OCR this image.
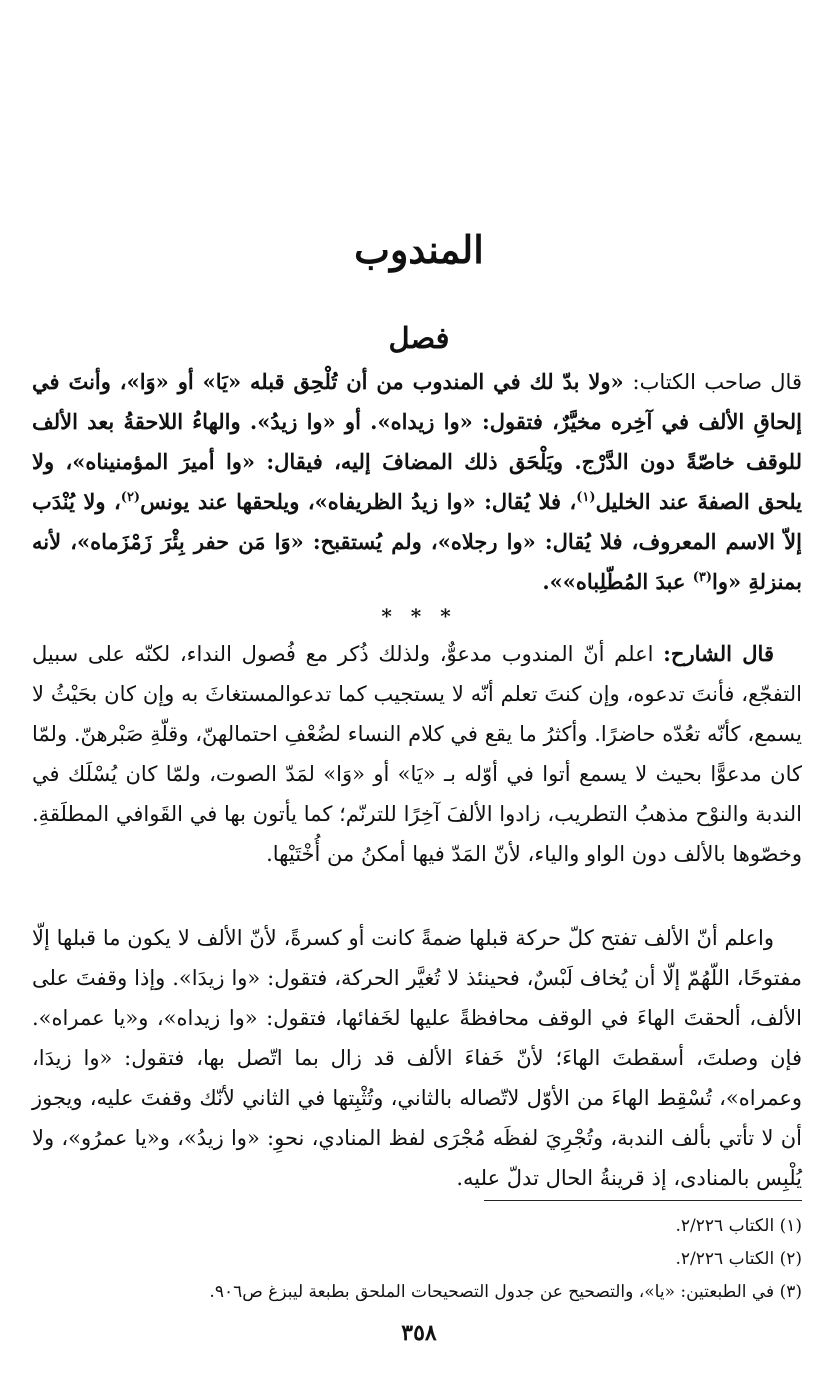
المندوب
فصل

قال صاحب الكتاب: «ولا بدّ لك في المندوب من أن تُلْحِق قبله «يَا» أو «وَا»، وأنتَ في إلحاقِ الألف في آخِره مخيَّرٌ، فتقول: «وا زيداه». أو «وا زيدُ». والهاءُ اللاحقةُ بعد الألف للوقف خاصّةً دون الدَّرْج. ويَلْحَق ذلك المضافَ إليه، فيقال: «وا أميرَ المؤمنيناه»، ولا يلحق الصفةَ عند الخليل$^{(١)}$، فلا يُقال: «وا زيدُ الظريفاه»، ويلحقها عند يونس$^{(٢)}$، ولا يُنْدَب إلاّ الاسم المعروف، فلا يُقال: «وا رجلاه»، ولم يُستقبح: «وَا مَن حفر بِئْرَ زَمْزَماه»، لأنه بمنزلةِ «وا$^{(٣)}$ عبدَ المُطّلِباه»».

* * *

قال الشارح: اعلم أنّ المندوب مدعوٌّ، ولذلك ذُكر مع فُصول النداء، لكنّه على سبيل التفجّع، فأنتَ تدعوه، وإن كنتَ تعلم أنّه لا يستجيب كما تدعوالمستغاثَ به وإن كان بحَيْثُ لا يسمع، كأنّه تعُدّه حاضرًا. وأكثرُ ما يقع في كلام النساء لضُعْفِ احتمالهنّ، وقلّةِ صَبْرهنّ. ولمّا كان مدعوًّا بحيث لا يسمع أتوا في أوّله بـ «يَا» أو «وَا» لمَدّ الصوت، ولمّا كان يُسْلَك في الندبة والنوْح مذهبُ التطريب، زادوا الألفَ آخِرًا للترنّم؛ كما يأتون بها في القَوافي المطلَقةِ. وخصّوها بالألف دون الواو والياء، لأنّ المَدّ فيها أمكنُ من أُخْتَيْها.

واعلم أنّ الألف تفتح كلّ حركة قبلها ضمةً كانت أو كسرةً، لأنّ الألف لا يكون ما قبلها إلّا مفتوحًا، اللّهُمّ إلّا أن يُخاف لَبْسٌ، فحينئذ لا تُغيَّر الحركة، فتقول: «وا زيدَا». وإذا وقفتَ على الألف، ألحقتَ الهاءَ في الوقف محافظةً عليها لخَفائها، فتقول: «وا زيداه»، و«يا عمراه». فإن وصلتَ، أسقطتَ الهاءَ؛ لأنّ خَفاءَ الألف قد زال بما اتّصل بها، فتقول: «وا زيدَا، وعمراه»، تُسْقِط الهاءَ من الأوّل لاتّصاله بالثاني، وتُثْبِتها في الثاني لأنّك وقفتَ عليه، ويجوز أن لا تأتي بألف الندبة، وتُجْرِيَ لفظَه مُجْرَى لفظ المنادي، نحوِ: «وا زيدُ»، و«يا عمرُو»، ولا يُلْبِس بالمنادى، إذ قرينةُ الحال تدلّ عليه.

(١) الكتاب ٢/٢٢٦.
(٢) الكتاب ٢/٢٢٦.
(٣) في الطبعتين: «يا»، والتصحيح عن جدول التصحيحات الملحق بطبعة ليبزغ ص٩٠٦.

٣٥٨
